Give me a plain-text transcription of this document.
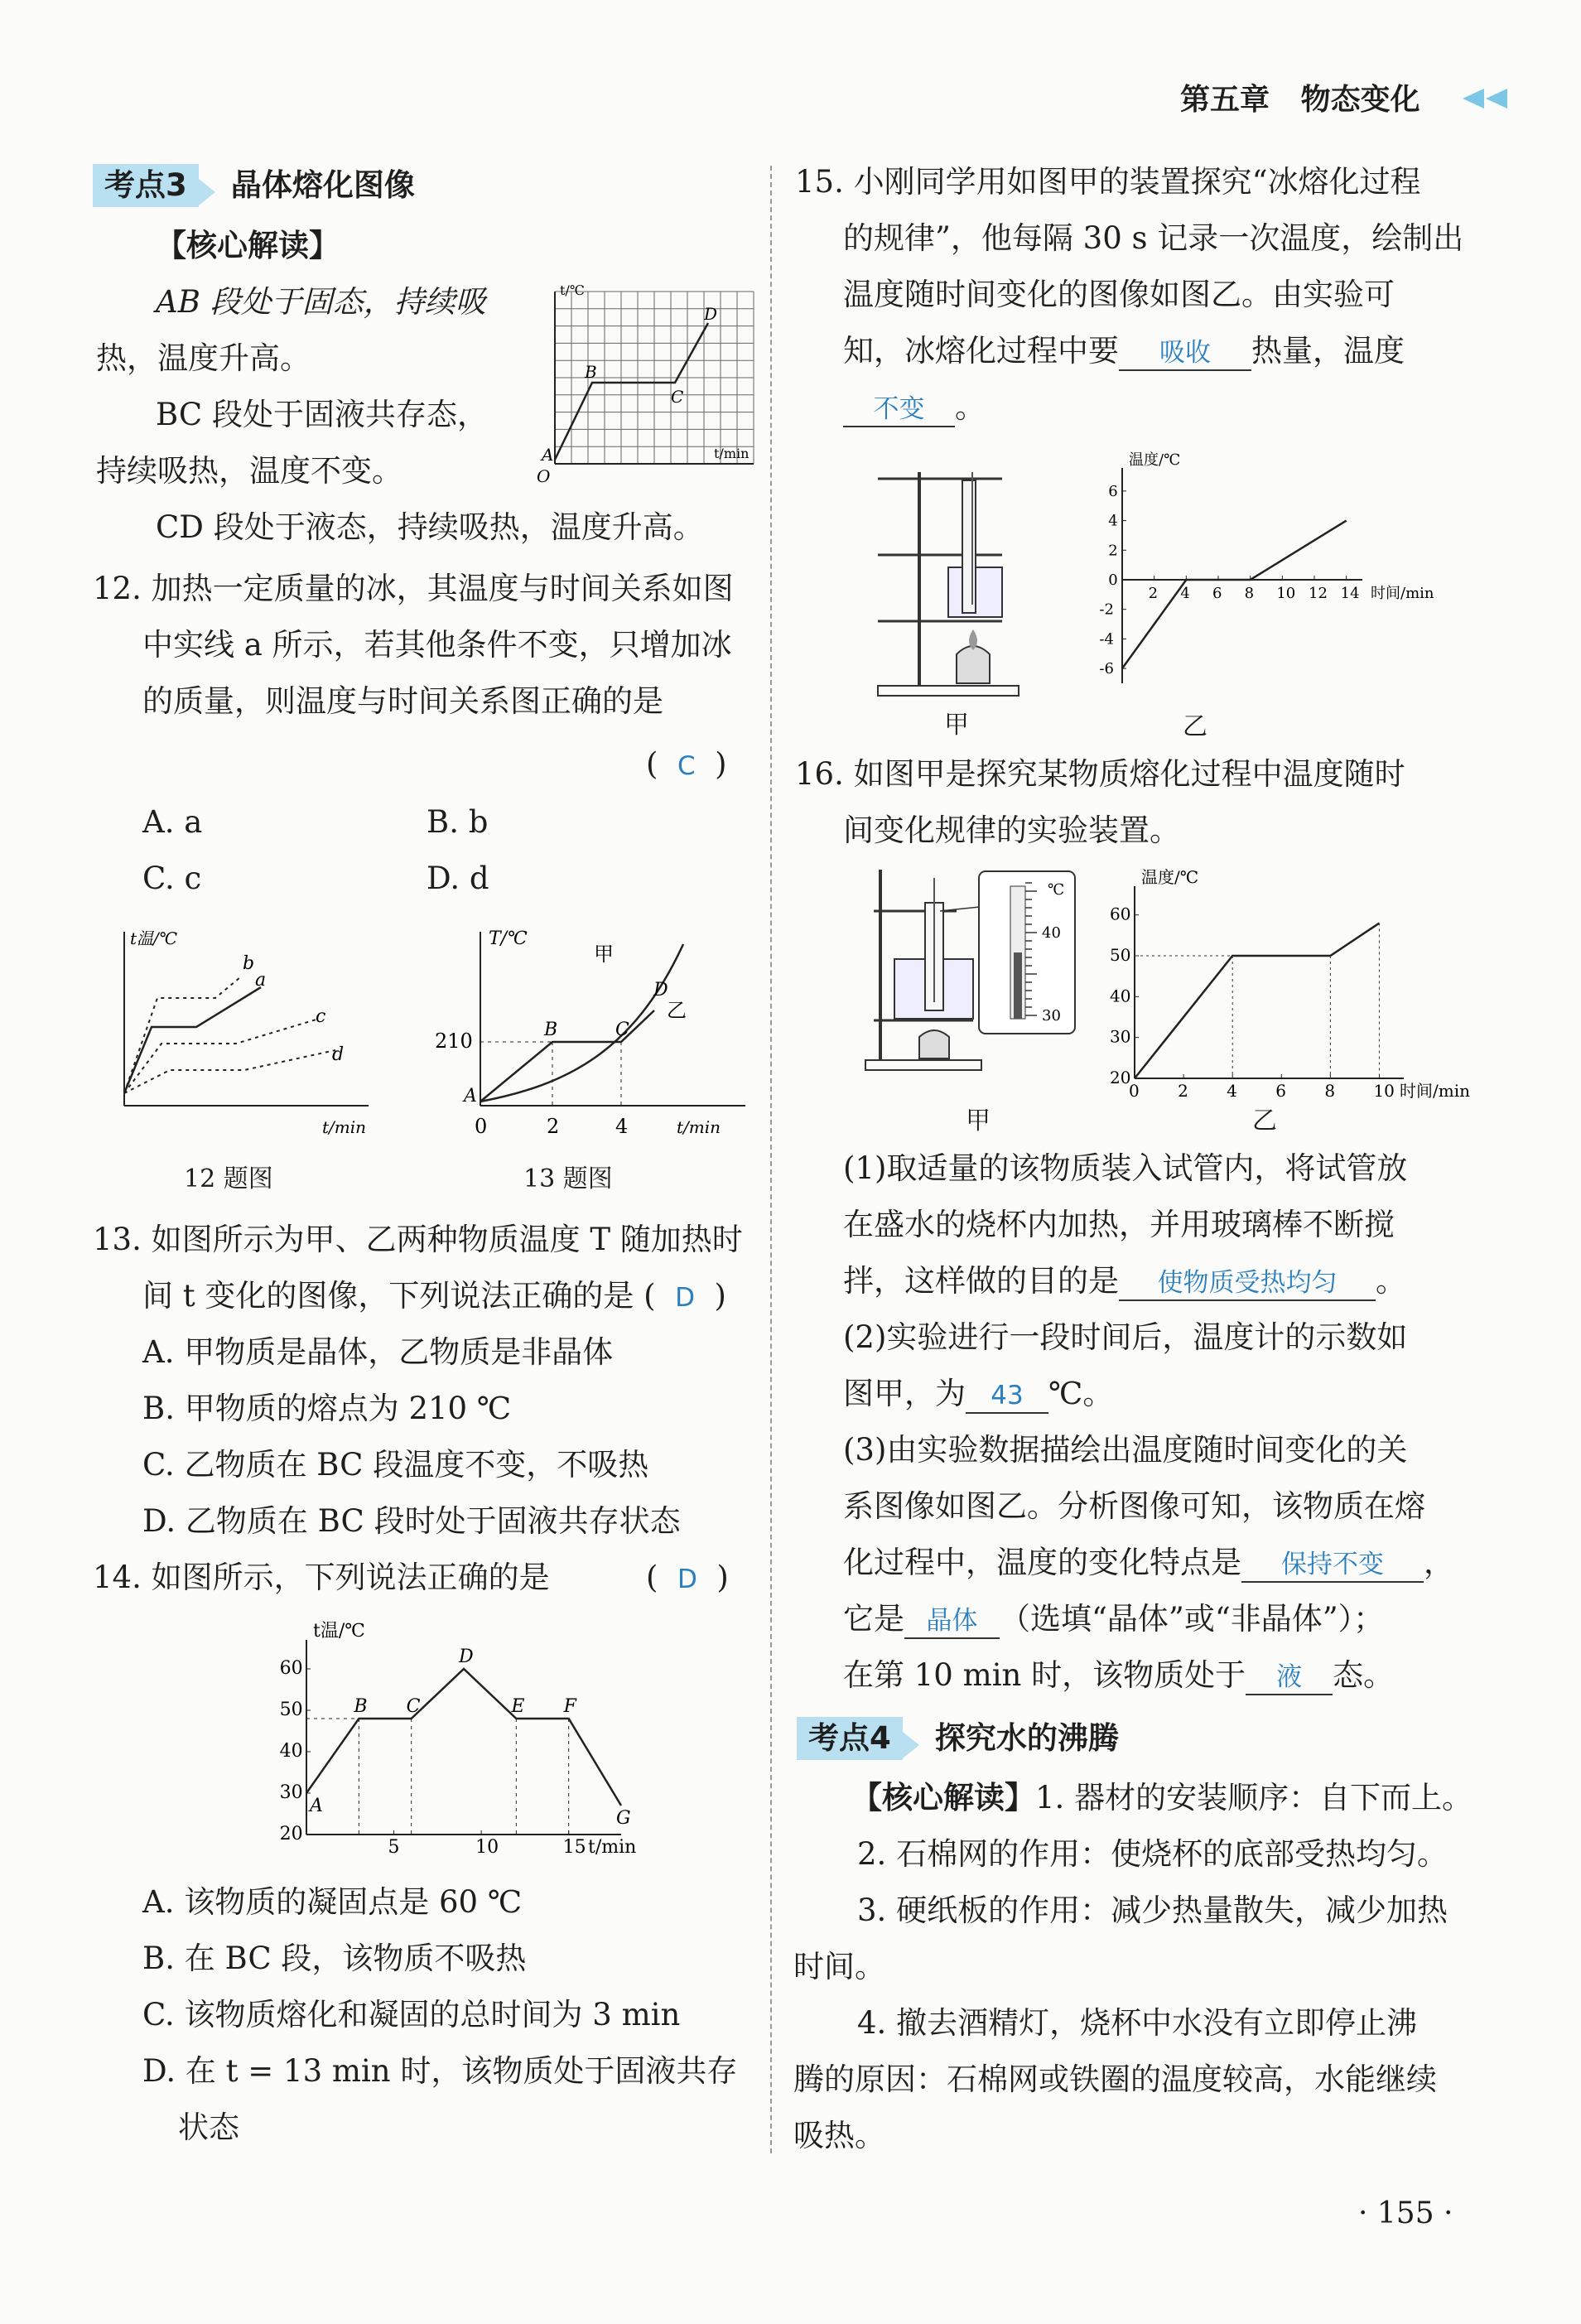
第五章 物态变化
考点3 晶体熔化图像
【核心解读】
AB 段处于固态，持续吸
热，温度升高。
BC 段处于固液共存态，
持续吸热，温度不变。
CD 段处于液态，持续吸热，温度升高。
t/℃
t/min
O
A
B
C
D
12. 加热一定质量的冰，其温度与时间关系如图
中实线 a 所示，若其他条件不变，只增加冰
的质量，则温度与时间关系图正确的是
(  C  )
A. a	B. b
C. c	D. d
t温/℃
t/min
a
b
c
d
12 题图
T/℃
210
0	2	4	t/min
甲
乙
A
B	C
D
13 题图
13. 如图所示为甲、乙两种物质温度 T 随加热时
间 t 变化的图像，下列说法正确的是 (  D  )
A. 甲物质是晶体，乙物质是非晶体
B. 甲物质的熔点为 210 ℃
C. 乙物质在 BC 段温度不变，不吸热
D. 乙物质在 BC 段时处于固液共存状态
14. 如图所示，下列说法正确的是	(  D  )
5	10	15
20
30
40
50
60
t温/℃
t/min
A
B C
D
E F
G
A. 该物质的凝固点是 60 ℃
B. 在 BC 段，该物质不吸热
C. 该物质熔化和凝固的总时间为 3 min
D. 在 t = 13 min 时，该物质处于固液共存
状态
15. 小刚同学用如图甲的装置探究“冰熔化过程
的规律”，他每隔 30 s 记录一次温度，绘制出
温度随时间变化的图像如图乙。由实验可
知，冰熔化过程中要 吸收 热量，温度
不变 。
甲
2 4 6 8 10 12 14
-6
-4
-2
0
2
4
6
温度/℃
时间/min
乙
16. 如图甲是探究某物质熔化过程中温度随时
间变化规律的实验装置。
℃
40
30
甲
0 2 4 6 8 10
20
30
40
50
60
温度/℃
时间/min
乙
(1)取适量的该物质装入试管内，将试管放
在盛水的烧杯内加热，并用玻璃棒不断搅
拌，这样做的目的是 使物质受热均匀 。
(2)实验进行一段时间后，温度计的示数如
图甲，为 43 ℃。
(3)由实验数据描绘出温度随时间变化的关
系图像如图乙。分析图像可知，该物质在熔
化过程中，温度的变化特点是 保持不变 ，
它是 晶体 （选填“晶体”或“非晶体”）；
在第 10 min 时，该物质处于 液 态。
考点4 探究水的沸腾
【核心解读】1. 器材的安装顺序：自下而上。
2. 石棉网的作用：使烧杯的底部受热均匀。
3. 硬纸板的作用：减少热量散失，减少加热
时间。
4. 撤去酒精灯，烧杯中水没有立即停止沸
腾的原因：石棉网或铁圈的温度较高，水能继续
吸热。
· 155 ·
